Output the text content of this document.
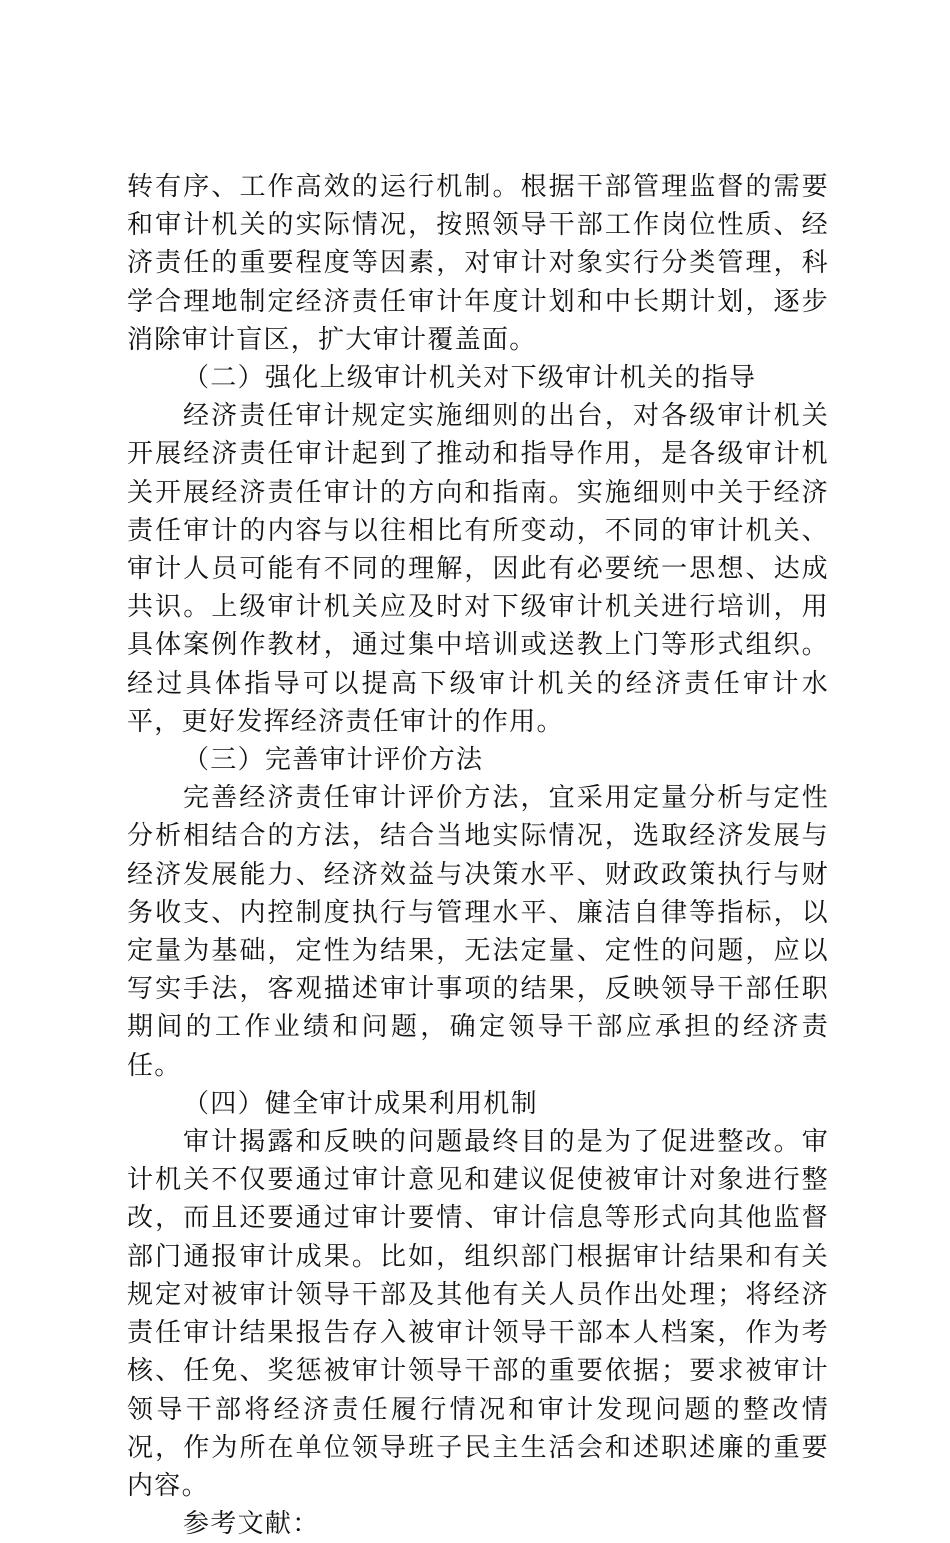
转有序、工作高效的运行机制。根据干部管理监督的需要和审计机关的实际情况，按照领导干部工作岗位性质、经济责任的重要程度等因素，对审计对象实行分类管理，科学合理地制定经济责任审计年度计划和中长期计划，逐步消除审计盲区，扩大审计覆盖面。

（二）强化上级审计机关对下级审计机关的指导

经济责任审计规定实施细则的出台，对各级审计机关开展经济责任审计起到了推动和指导作用，是各级审计机关开展经济责任审计的方向和指南。实施细则中关于经济责任审计的内容与以往相比有所变动，不同的审计机关、审计人员可能有不同的理解，因此有必要统一思想、达成共识。上级审计机关应及时对下级审计机关进行培训，用具体案例作教材，通过集中培训或送教上门等形式组织。经过具体指导可以提高下级审计机关的经济责任审计水平，更好发挥经济责任审计的作用。

（三）完善审计评价方法

完善经济责任审计评价方法，宜采用定量分析与定性分析相结合的方法，结合当地实际情况，选取经济发展与经济发展能力、经济效益与决策水平、财政政策执行与财务收支、内控制度执行与管理水平、廉洁自律等指标，以定量为基础，定性为结果，无法定量、定性的问题，应以写实手法，客观描述审计事项的结果，反映领导干部任职期间的工作业绩和问题，确定领导干部应承担的经济责任。

（四）健全审计成果利用机制

审计揭露和反映的问题最终目的是为了促进整改。审计机关不仅要通过审计意见和建议促使被审计对象进行整改，而且还要通过审计要情、审计信息等形式向其他监督部门通报审计成果。比如，组织部门根据审计结果和有关规定对被审计领导干部及其他有关人员作出处理；将经济责任审计结果报告存入被审计领导干部本人档案，作为考核、任免、奖惩被审计领导干部的重要依据；要求被审计领导干部将经济责任履行情况和审计发现问题的整改情况，作为所在单位领导班子民主生活会和述职述廉的重要内容。

参考文献：
